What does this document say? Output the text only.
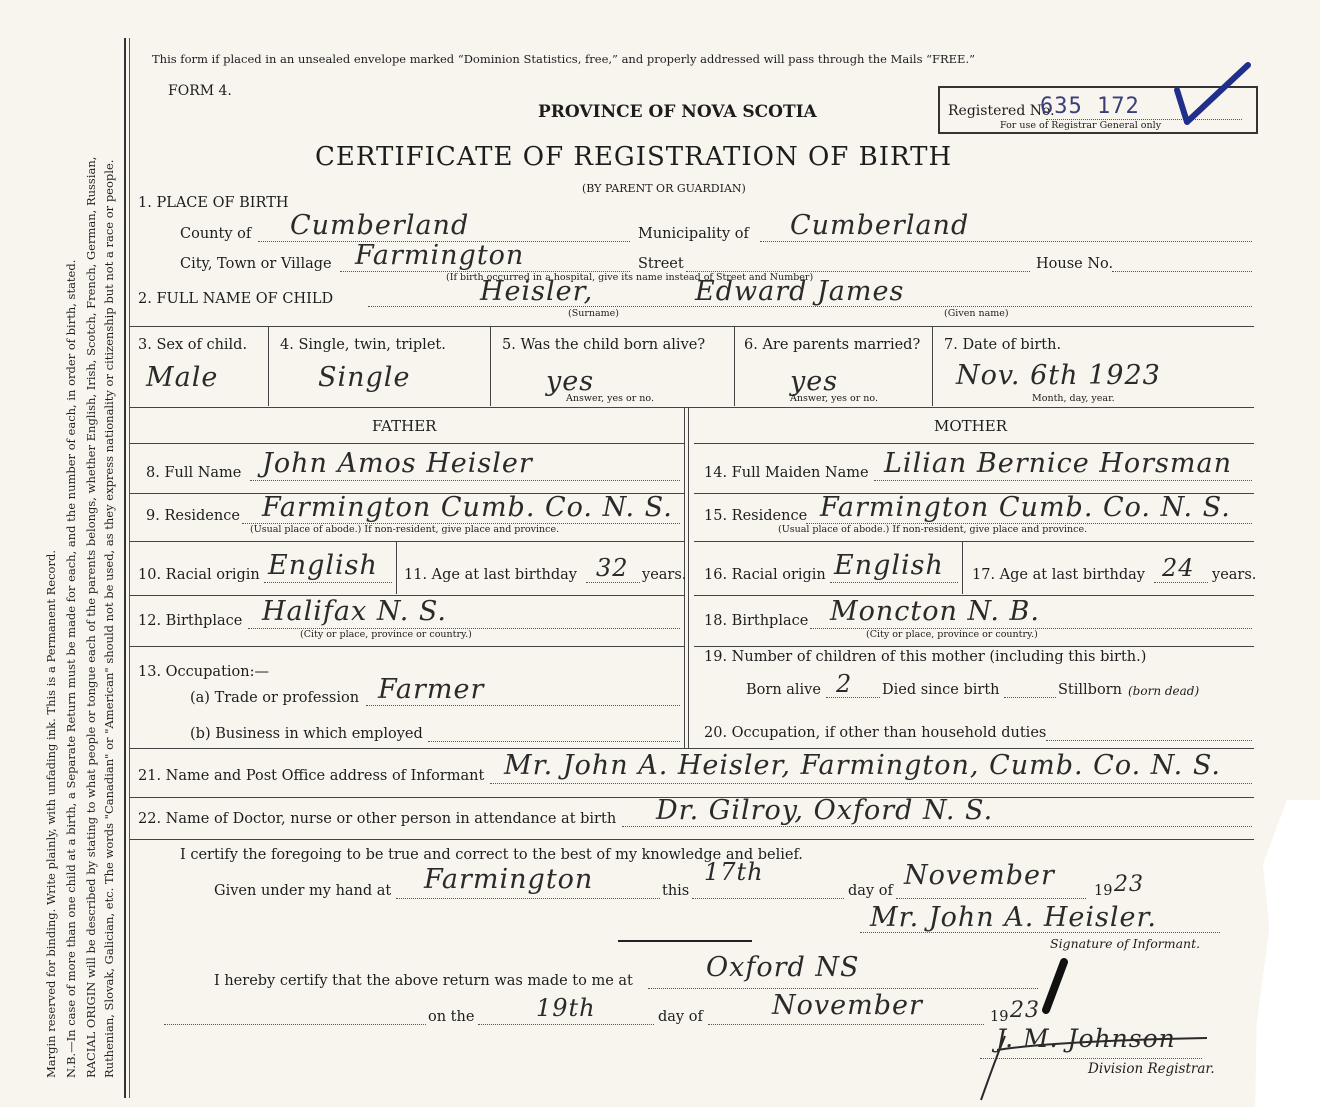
Margin reserved for binding. Write plainly, with unfading ink. This is a Permanent Record. N.B.—In case of more than one child at a birth, a Separate Return must be made for each, and the number of each, in order of birth, stated. RACIAL ORIGIN will be described by stating to what people or tongue each of the parents belongs, whether English, Irish, Scotch, French, German, Russian, Ruthenian, Slovak, Galician, etc. The words "Canadian" or "American" should not be used, as they express nationality or citizenship but not a race or people.
This form if placed in an unsealed envelope marked “Dominion Statistics, free,” and properly addressed will pass through the Mails “FREE.”
FORM 4.
PROVINCE OF NOVA SCOTIA
CERTIFICATE OF REGISTRATION OF BIRTH
(BY PARENT OR GUARDIAN)
Registered No.
635 172
For use of Registrar General only
1. PLACE OF BIRTH
County of Cumberland	Municipality of Cumberland
City, Town or Village Farmington	Street	House No.
(If birth occurred in a hospital, give its name instead of Street and Number)
2. FULL NAME OF CHILD	Heisler,	Edward James
(Surname)	(Given name)
3. Sex of child.
Male
4. Single, twin, triplet.
Single
5. Was the child born alive?
yes
Answer, yes or no.
6. Are parents married?
yes
Answer, yes or no.
7. Date of birth.
Nov. 6th 1923
Month, day, year.
FATHER	MOTHER
8. Full Name John Amos Heisler
9. Residence Farmington Cumb. Co. N. S.
(Usual place of abode.) If non-resident, give place and province.
10. Racial origin English 11. Age at last birthday 32 years.
12. Birthplace Halifax N. S.
(City or place, province or country.)
13. Occupation:—
(a) Trade or profession Farmer
(b) Business in which employed
14. Full Maiden Name Lilian Bernice Horsman
15. Residence Farmington Cumb. Co. N. S.
(Usual place of abode.) If non-resident, give place and province.
16. Racial origin English 17. Age at last birthday 24 years.
18. Birthplace Moncton N. B.
(City or place, province or country.)
19. Number of children of this mother (including this birth.)
Born alive 2 Died since birth	Stillborn (born dead)
20. Occupation, if other than household duties
21. Name and Post Office address of Informant Mr. John A. Heisler, Farmington, Cumb. Co. N. S.
22. Name of Doctor, nurse or other person in attendance at birth Dr. Gilroy, Oxford N. S.
I certify the foregoing to be true and correct to the best of my knowledge and belief.
Given under my hand at Farmington	this
17th
day of November	19 23
Mr. John A. Heisler.
Signature of Informant.
I hereby certify that the above return was made to me at	Oxford NS
on the	19th	day of	November	19 23
J. M. Johnson
Division Registrar.
